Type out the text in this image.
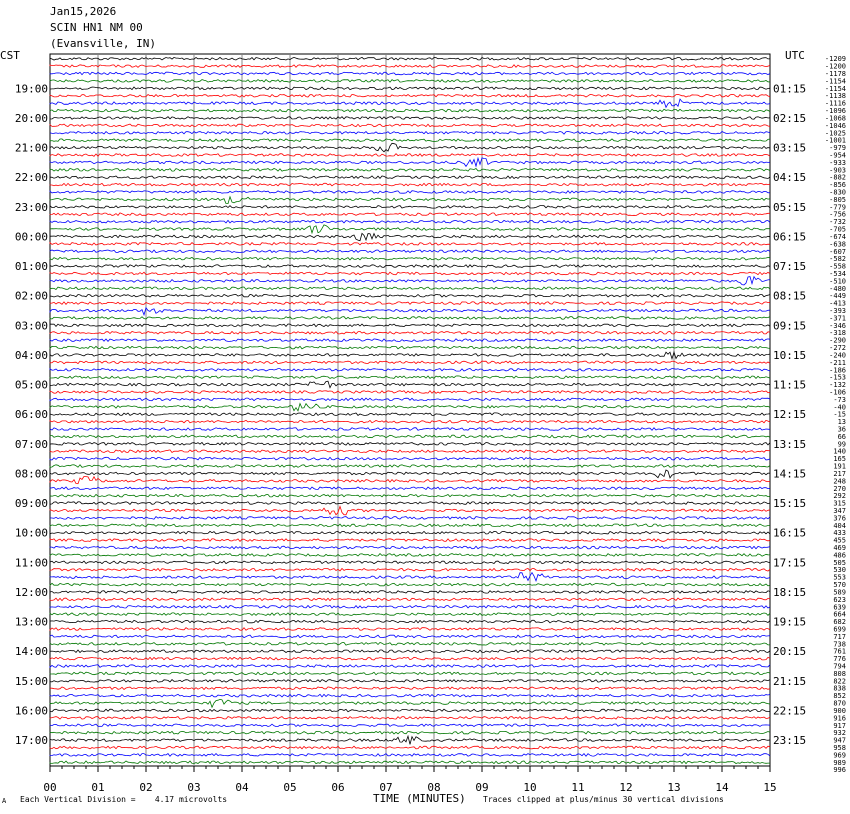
Jan15,2026
SCIN HN1 NM 00
(Evansville, IN)
CST	UTC
19:00
20:00
21:00
22:00
23:00
00:00
01:00
02:00
03:00
04:00
05:00
06:00
07:00
08:00
09:00
10:00
11:00
12:00
13:00
14:00
15:00
16:00
17:00
01:15
02:15
03:15
04:15
05:15
06:15
07:15
08:15
09:15
10:15
11:15
12:15
13:15
14:15
15:15
16:15
17:15
18:15
19:15
20:15
21:15
22:15
23:15
-1209
-1200
-1178
-1154
-1154
-1138
-1116
-1096
-1068
-1046
-1025
-1001
-979
-954
-933
-903
-882
-856
-830
-805
-779
-756
-732
-705
-674
-638
-607
-582
-558
-534
-510
-480
-449
-413
-393
-371
-346
-318
-290
-272
-240
-211
-186
-153
-132
-106
-73
-40
-15
13
36
66
99
140
165
191
217
248
270
292
315
347
376
404
433
455
469
486
505
530
553
570
589
623
639
664
682
699
717
738
761
776
794
808
822
838
852
870
900
916
917
932
947
958
969
989
996
00	01	02	03	04	05	06	07	08	09	10	11	12	13	14	15
A Each Vertical Division =    4.17 microvolts	TIME (MINUTES) Traces clipped at plus/minus 30 vertical divisions
